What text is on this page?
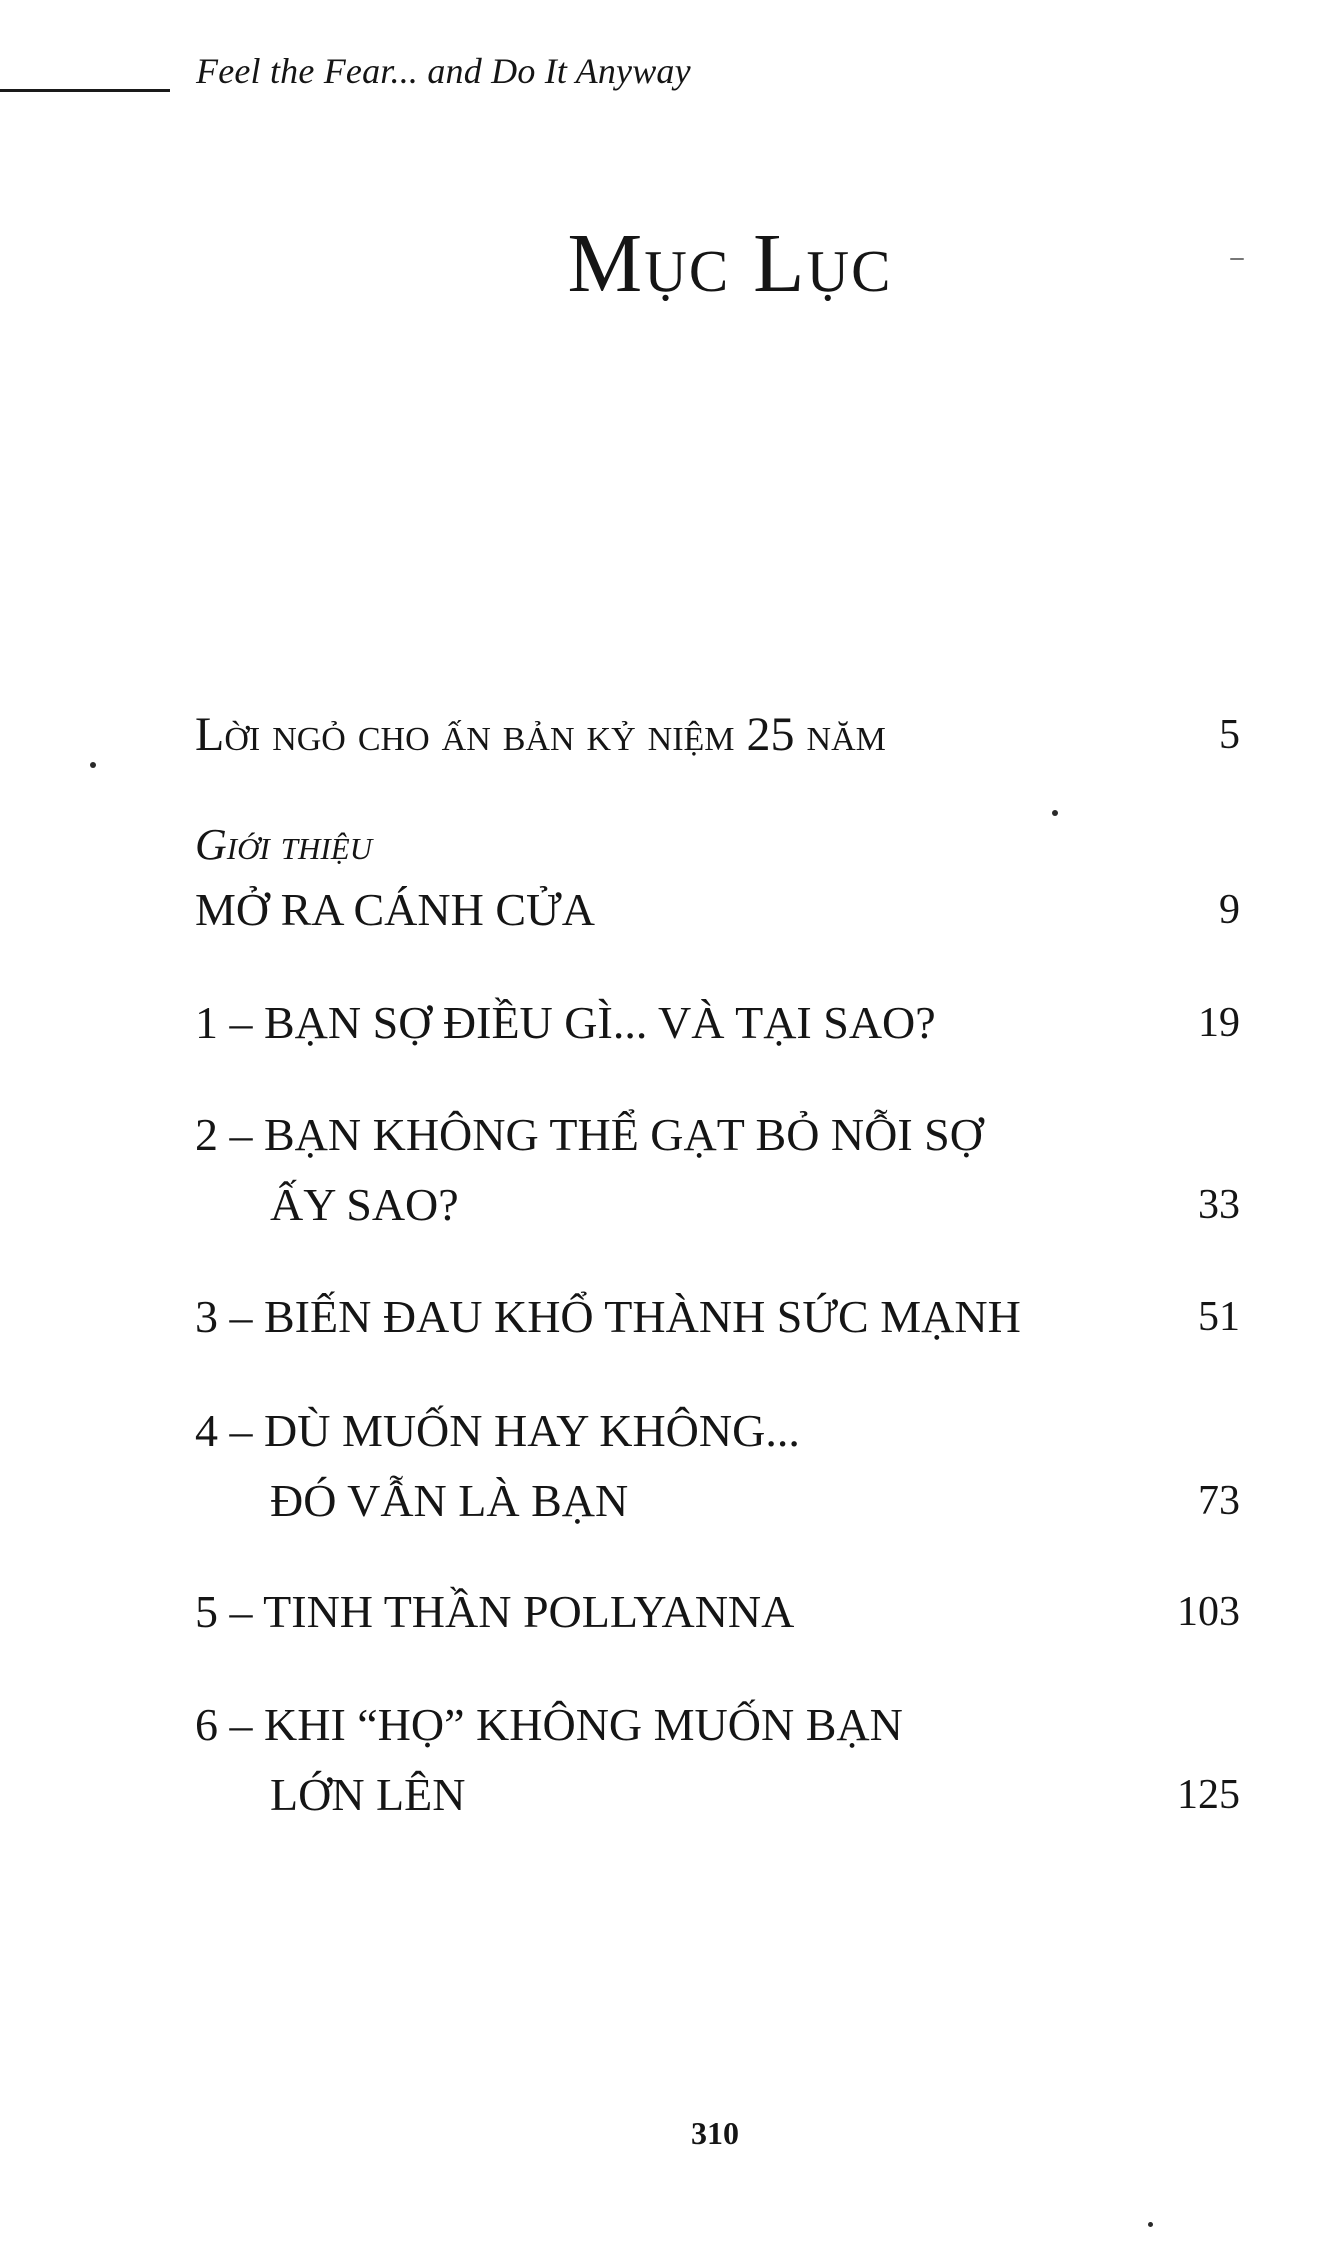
Feel the Fear... and Do It Anyway
Mục Lục
Lời ngỏ cho ấn bản kỷ niệm 25 năm	5
Giới thiệu
MỞ RA CÁNH CỬA	9
1 – BẠN SỢ ĐIỀU GÌ... VÀ TẠI SAO?	19
2 – BẠN KHÔNG THỂ GẠT BỎ NỖI SỢ
ẤY SAO?	33
3 – BIẾN ĐAU KHỔ THÀNH SỨC MẠNH	51
4 – DÙ MUỐN HAY KHÔNG...
ĐÓ VẪN LÀ BẠN	73
5 – TINH THẦN POLLYANNA	103
6 – KHI “HỌ” KHÔNG MUỐN BẠN
LỚN LÊN	125
310
